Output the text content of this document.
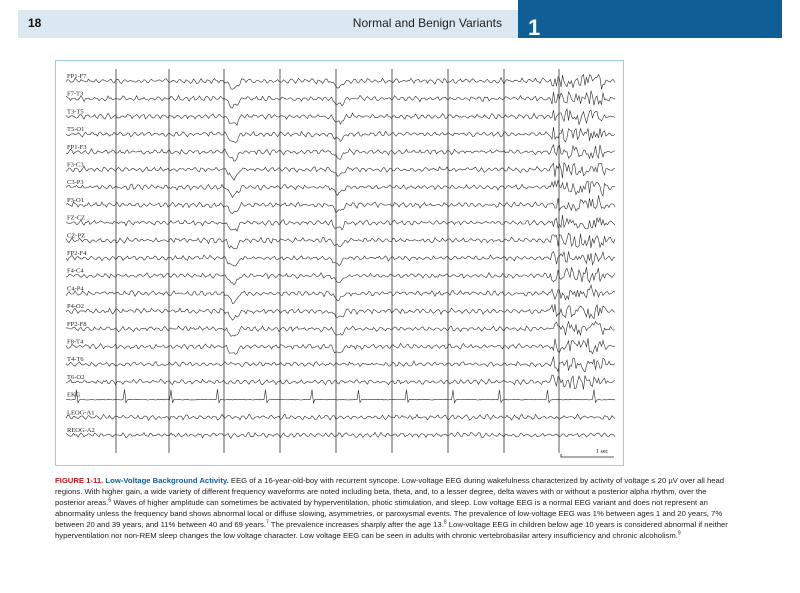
18	Normal and Benign Variants 1
FP1-F7
F7-T3
T3-T5
T5-O1
FP1-F3
F3-C3
C3-P3
P3-O1
FZ-CZ
CZ-PZ
FP2-F4
F4-C4
C4-P4
P4-O2
FP2-F8
F8-T4
T4-T6
T6-O2
EKG
LEOG-A1
REOG-A2
1 sec
FIGURE 1-11. Low-Voltage Background Activity. EEG of a 16-year-old-boy with recurrent syncope. Low-voltage EEG during wakefulness characterized by activity of voltage ≤ 20 µV over all head regions. With higher gain, a wide variety of different frequency waveforms are noted including beta, theta, and, to a lesser degree, delta waves with or without a posterior alpha rhythm, over the posterior areas.$^6$ Waves of higher amplitude can sometimes be activated by hyperventilation, photic stimulation, and sleep. Low voltage EEG is a normal EEG variant and does not represent an abnormality unless the frequency band shows abnormal local or diffuse slowing, asymmetries, or paroxysmal events. The prevalence of low-voltage EEG was 1% between ages 1 and 20 years, 7% between 20 and 39 years, and 11% between 40 and 69 years.$^7$ The prevalence increases sharply after the age 13.$^8$ Low-voltage EEG in children below age 10 years is considered abnormal if neither hyperventilation nor non-REM sleep changes the low voltage character. Low voltage EEG can be seen in adults with chronic vertebrobasilar artery insufficiency and chronic alcoholism.$^9$
